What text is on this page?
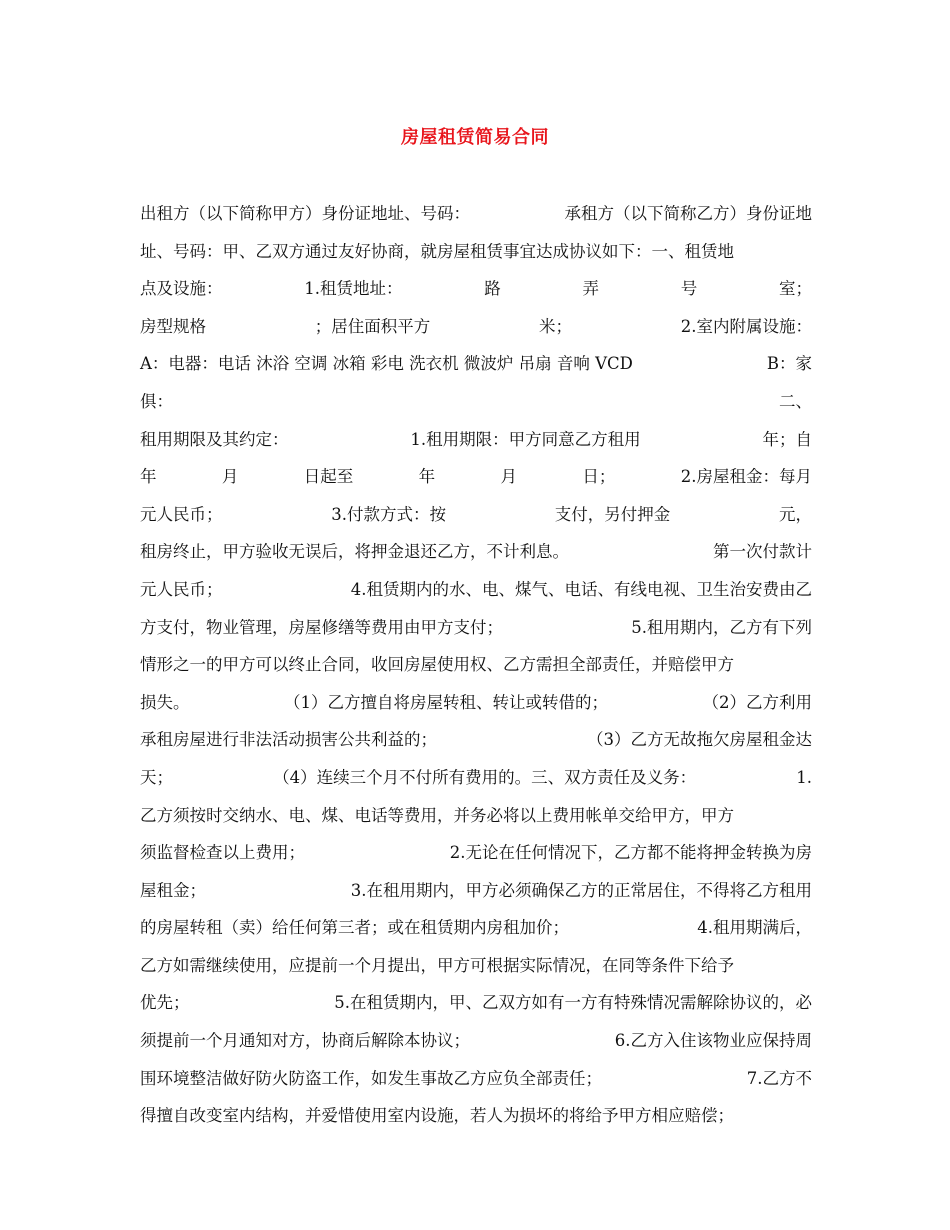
房屋租赁简易合同
出租方（以下简称甲方）身份证地址、号码：	承租方（以下简称乙方）身份证地
址、号码：甲、乙双方通过友好协商，就房屋租赁事宜达成协议如下：一、租赁地
点及设施：	1.租赁地址：	路	弄	号	室；
房型规格	；居住面积平方	米；	2.室内附属设施：
A：电器：电话 沐浴 空调 冰箱 彩电 洗衣机 微波炉 吊扇 音响 VCD	B：家
俱：	二、
租用期限及其约定：	1.租用期限：甲方同意乙方租用	年；自
年	月	日起至	年	月	日；	2.房屋租金：每月
元人民币；	3.付款方式：按	支付，另付押金	元，
租房终止，甲方验收无误后，将押金退还乙方，不计利息。	第一次付款计
元人民币；	4.租赁期内的水、电、煤气、电话、有线电视、卫生治安费由乙
方支付，物业管理，房屋修缮等费用由甲方支付；	5.租用期内，乙方有下列
情形之一的甲方可以终止合同，收回房屋使用权、乙方需担全部责任，并赔偿甲方
损失。	（1）乙方擅自将房屋转租、转让或转借的；	（2）乙方利用
承租房屋进行非法活动损害公共利益的；	（3）乙方无故拖欠房屋租金达
天；	（4）连续三个月不付所有费用的。三、双方责任及义务：	1.
乙方须按时交纳水、电、煤、电话等费用，并务必将以上费用帐单交给甲方，甲方
须监督检查以上费用；	2.无论在任何情况下，乙方都不能将押金转换为房
屋租金；	3.在租用期内，甲方必须确保乙方的正常居住，不得将乙方租用
的房屋转租（卖）给任何第三者；或在租赁期内房租加价；	4.租用期满后，
乙方如需继续使用，应提前一个月提出，甲方可根据实际情况，在同等条件下给予
优先；	5.在租赁期内，甲、乙双方如有一方有特殊情况需解除协议的，必
须提前一个月通知对方，协商后解除本协议；	6.乙方入住该物业应保持周
围环境整洁做好防火防盗工作，如发生事故乙方应负全部责任；	7.乙方不
得擅自改变室内结构，并爱惜使用室内设施，若人为损坏的将给予甲方相应赔偿；
